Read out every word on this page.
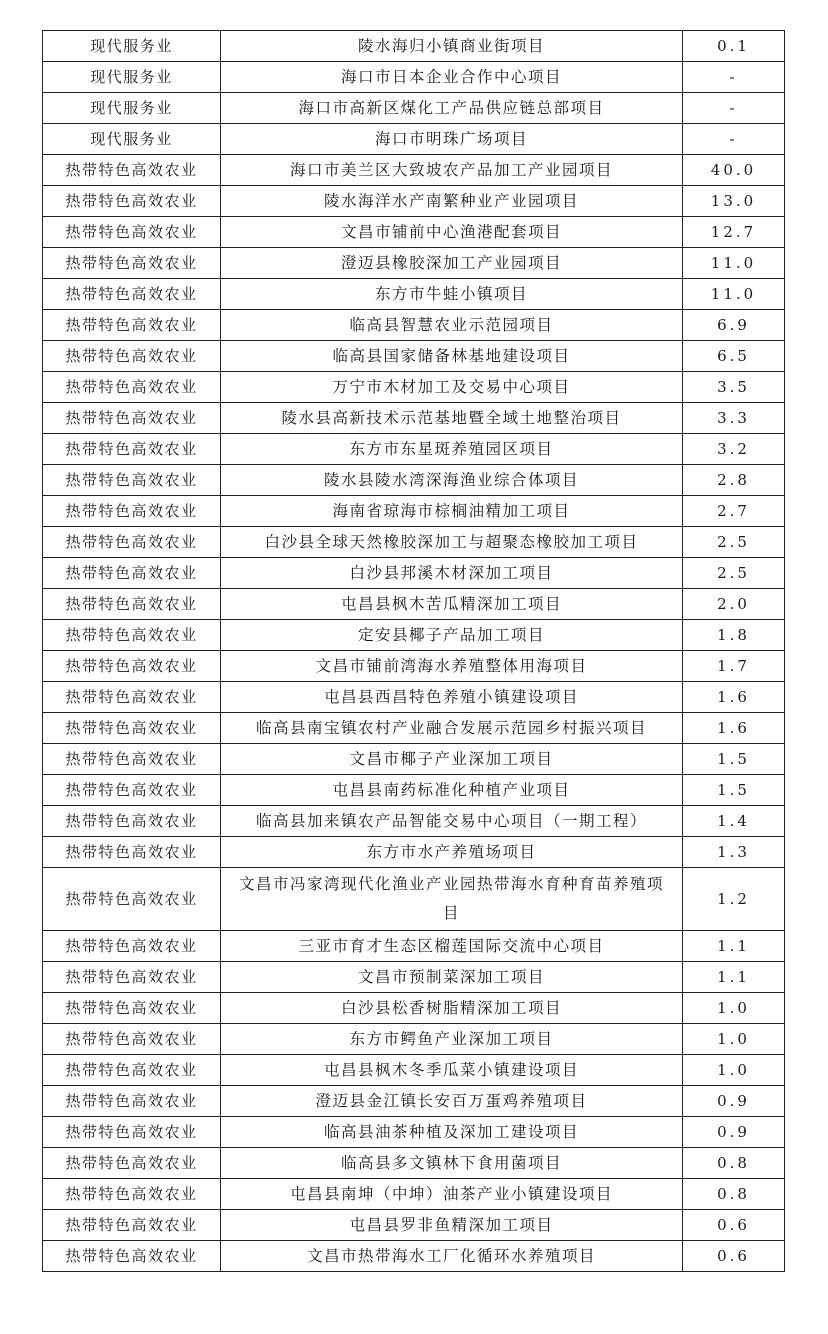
现代服务业	陵水海归小镇商业街项目	0.1
现代服务业	海口市日本企业合作中心项目	-
现代服务业	海口市高新区煤化工产品供应链总部项目	-
现代服务业	海口市明珠广场项目	-
热带特色高效农业	海口市美兰区大致坡农产品加工产业园项目	40.0
热带特色高效农业	陵水海洋水产南繁种业产业园项目	13.0
热带特色高效农业	文昌市铺前中心渔港配套项目	12.7
热带特色高效农业	澄迈县橡胶深加工产业园项目	11.0
热带特色高效农业	东方市牛蛙小镇项目	11.0
热带特色高效农业	临高县智慧农业示范园项目	6.9
热带特色高效农业	临高县国家储备林基地建设项目	6.5
热带特色高效农业	万宁市木材加工及交易中心项目	3.5
热带特色高效农业	陵水县高新技术示范基地暨全域土地整治项目	3.3
热带特色高效农业	东方市东星斑养殖园区项目	3.2
热带特色高效农业	陵水县陵水湾深海渔业综合体项目	2.8
热带特色高效农业	海南省琼海市棕榈油精加工项目	2.7
热带特色高效农业	白沙县全球天然橡胶深加工与超聚态橡胶加工项目	2.5
热带特色高效农业	白沙县邦溪木材深加工项目	2.5
热带特色高效农业	屯昌县枫木苦瓜精深加工项目	2.0
热带特色高效农业	定安县椰子产品加工项目	1.8
热带特色高效农业	文昌市铺前湾海水养殖整体用海项目	1.7
热带特色高效农业	屯昌县西昌特色养殖小镇建设项目	1.6
热带特色高效农业	临高县南宝镇农村产业融合发展示范园乡村振兴项目	1.6
热带特色高效农业	文昌市椰子产业深加工项目	1.5
热带特色高效农业	屯昌县南药标准化种植产业项目	1.5
热带特色高效农业	临高县加来镇农产品智能交易中心项目（一期工程）	1.4
热带特色高效农业	东方市水产养殖场项目	1.3
热带特色高效农业	文昌市冯家湾现代化渔业产业园热带海水育种育苗养殖项目	1.2
热带特色高效农业	三亚市育才生态区榴莲国际交流中心项目	1.1
热带特色高效农业	文昌市预制菜深加工项目	1.1
热带特色高效农业	白沙县松香树脂精深加工项目	1.0
热带特色高效农业	东方市鳄鱼产业深加工项目	1.0
热带特色高效农业	屯昌县枫木冬季瓜菜小镇建设项目	1.0
热带特色高效农业	澄迈县金江镇长安百万蛋鸡养殖项目	0.9
热带特色高效农业	临高县油茶种植及深加工建设项目	0.9
热带特色高效农业	临高县多文镇林下食用菌项目	0.8
热带特色高效农业	屯昌县南坤（中坤）油茶产业小镇建设项目	0.8
热带特色高效农业	屯昌县罗非鱼精深加工项目	0.6
热带特色高效农业	文昌市热带海水工厂化循环水养殖项目	0.6
